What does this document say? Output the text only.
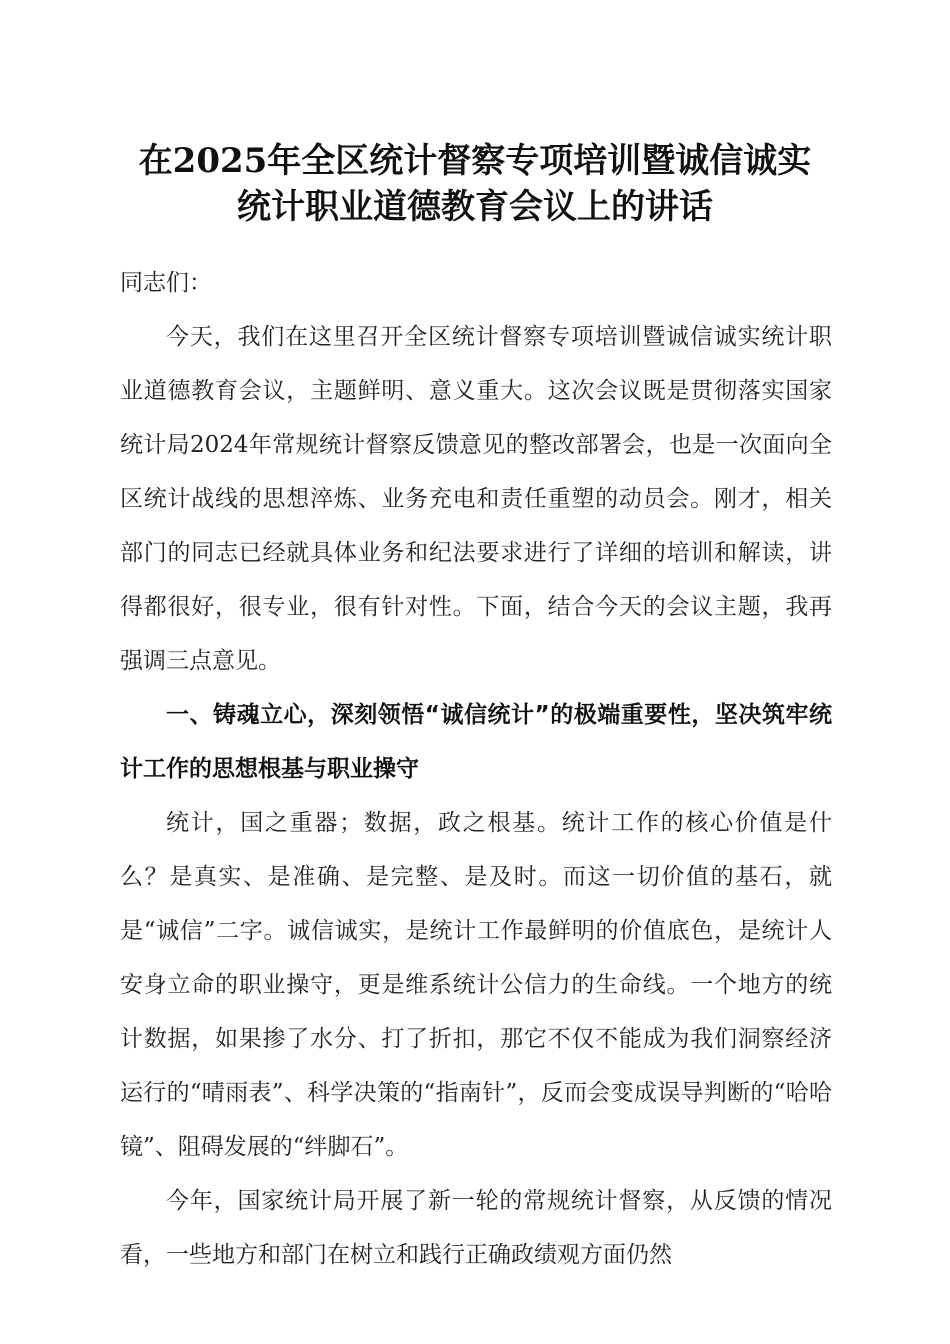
在2025年全区统计督察专项培训暨诚信诚实
统计职业道德教育会议上的讲话

同志们：

今天，我们在这里召开全区统计督察专项培训暨诚信诚实统计职业道德教育会议，主题鲜明、意义重大。这次会议既是贯彻落实国家统计局2024年常规统计督察反馈意见的整改部署会，也是一次面向全区统计战线的思想淬炼、业务充电和责任重塑的动员会。刚才，相关部门的同志已经就具体业务和纪法要求进行了详细的培训和解读，讲得都很好，很专业，很有针对性。下面，结合今天的会议主题，我再强调三点意见。

一、铸魂立心，深刻领悟“诚信统计”的极端重要性，坚决筑牢统计工作的思想根基与职业操守

统计，国之重器；数据，政之根基。统计工作的核心价值是什么？是真实、是准确、是完整、是及时。而这一切价值的基石，就是“诚信”二字。诚信诚实，是统计工作最鲜明的价值底色，是统计人安身立命的职业操守，更是维系统计公信力的生命线。一个地方的统计数据，如果掺了水分、打了折扣，那它不仅不能成为我们洞察经济运行的“晴雨表”、科学决策的“指南针”，反而会变成误导判断的“哈哈镜”、阻碍发展的“绊脚石”。

今年，国家统计局开展了新一轮的常规统计督察，从反馈的情况看，一些地方和部门在树立和践行正确政绩观方面仍然
